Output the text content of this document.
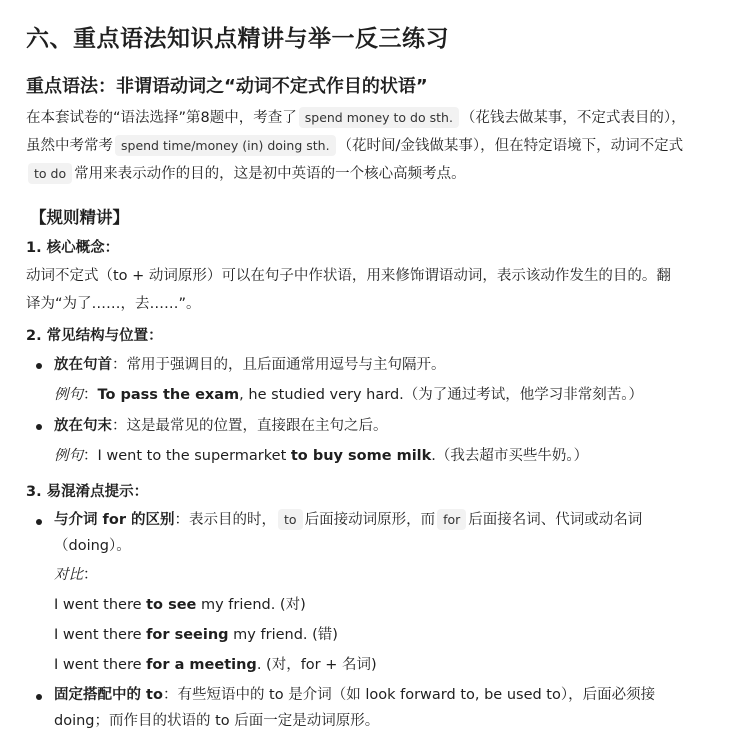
六、重点语法知识点精讲与举一反三练习
重点语法：非谓语动词之“动词不定式作目的状语”
在本套试卷的“语法选择”第8题中，考查了 spend money to do sth. （花钱去做某事，不定式表目的），
虽然中考常考 spend time/money (in) doing sth. （花时间/金钱做某事），但在特定语境下，动词不定式
to do 常用来表示动作的目的，这是初中英语的一个核心高频考点。
【规则精讲】
1. 核心概念：
动词不定式（to + 动词原形）可以在句子中作状语，用来修饰谓语动词，表示该动作发生的目的。翻
译为“为了……，去……”。
2. 常见结构与位置：
放在句首：常用于强调目的，且后面通常用逗号与主句隔开。
例句：To pass the exam, he studied very hard.（为了通过考试，他学习非常刻苦。）
放在句末：这是最常见的位置，直接跟在主句之后。
例句：I went to the supermarket to buy some milk.（我去超市买些牛奶。）
3. 易混淆点提示：
与介词 for 的区别：表示目的时， to 后面接动词原形，而 for 后面接名词、代词或动名词
（doing）。
对比：
I went there to see my friend. (对)
I went there for seeing my friend. (错)
I went there for a meeting. (对，for + 名词)
固定搭配中的 to：有些短语中的 to 是介词（如 look forward to, be used to），后面必须接
doing；而作目的状语的 to 后面一定是动词原形。
